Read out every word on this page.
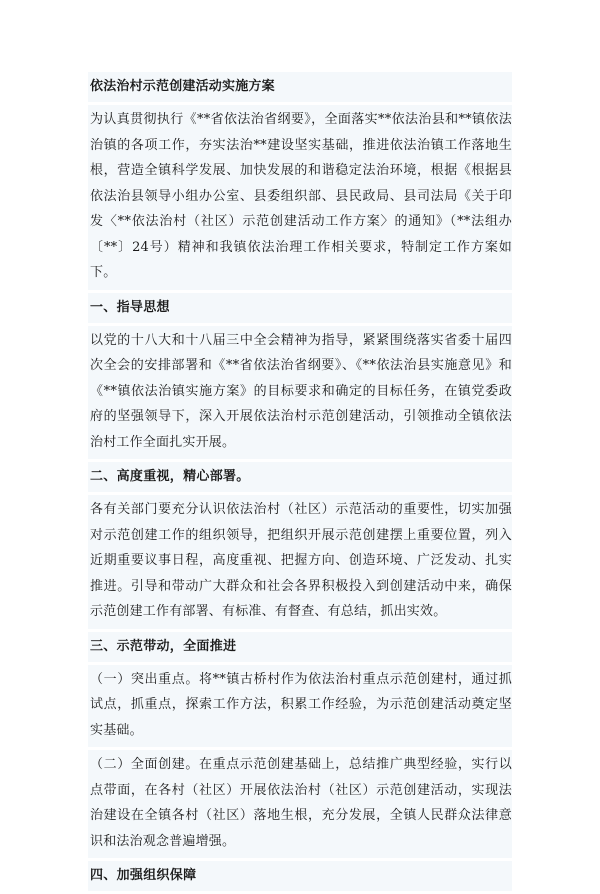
依法治村示范创建活动实施方案
为认真贯彻执行《**省依法治省纲要》，全面落实**依法治县和**镇依法治镇的各项工作，夯实法治**建设坚实基础，推进依法治镇工作落地生根，营造全镇科学发展、加快发展的和谐稳定法治环境，根据《根据县依法治县领导小组办公室、县委组织部、县民政局、县司法局《关于印发〈**依法治村（社区）示范创建活动工作方案〉的通知》（**法组办〔**〕24号）精神和我镇依法治理工作相关要求，特制定工作方案如下。
一、指导思想
以党的十八大和十八届三中全会精神为指导，紧紧围绕落实省委十届四次全会的安排部署和《**省依法治省纲要》、《**依法治县实施意见》和《**镇依法治镇实施方案》的目标要求和确定的目标任务，在镇党委政府的坚强领导下，深入开展依法治村示范创建活动，引领推动全镇依法治村工作全面扎实开展。
二、高度重视，精心部署。
各有关部门要充分认识依法治村（社区）示范活动的重要性，切实加强对示范创建工作的组织领导，把组织开展示范创建摆上重要位置，列入近期重要议事日程，高度重视、把握方向、创造环境、广泛发动、扎实推进。引导和带动广大群众和社会各界积极投入到创建活动中来，确保示范创建工作有部署、有标准、有督查、有总结，抓出实效。
三、示范带动，全面推进
（一）突出重点。将**镇古桥村作为依法治村重点示范创建村，通过抓试点，抓重点，探索工作方法，积累工作经验，为示范创建活动奠定坚实基础。
（二）全面创建。在重点示范创建基础上，总结推广典型经验，实行以点带面，在各村（社区）开展依法治村（社区）示范创建活动，实现法治建设在全镇各村（社区）落地生根，充分发展，全镇人民群众法律意识和法治观念普遍增强。
四、加强组织保障
